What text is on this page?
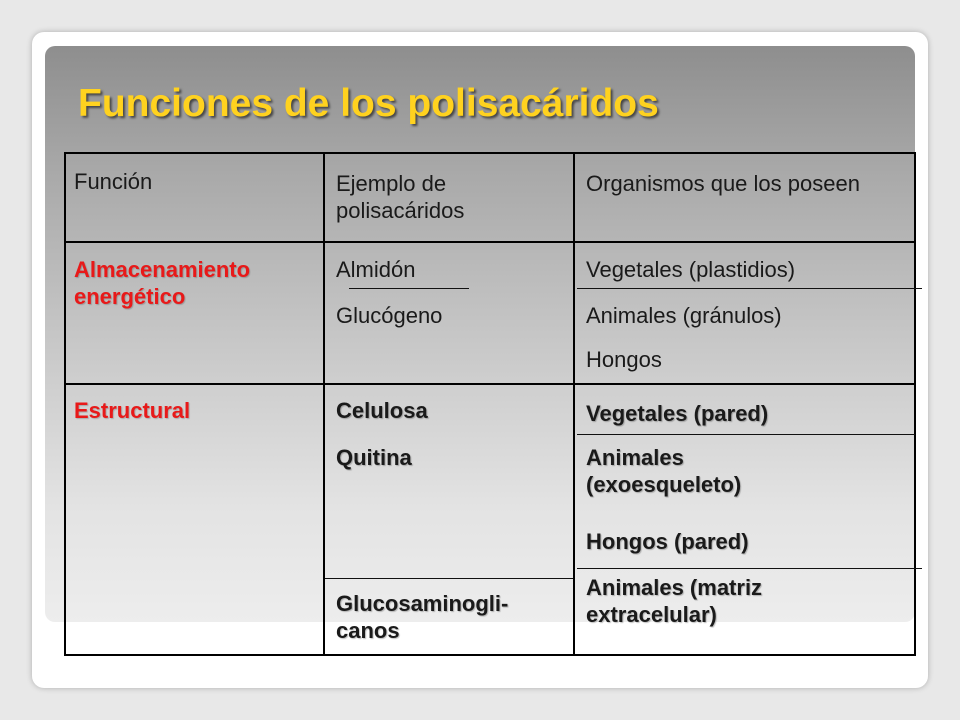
Funciones de los polisacáridos
Función	Ejemplo de polisacáridos
Organismos que los poseen
Almacenamiento energético
Almidón
Glucógeno
Vegetales (plastidios)
Animales (gránulos)
Hongos
Estructural	Celulosa
Quitina
Glucosaminogli-canos
Vegetales (pared)
Animales (exoesqueleto)
Hongos (pared)
Animales (matriz extracelular)
